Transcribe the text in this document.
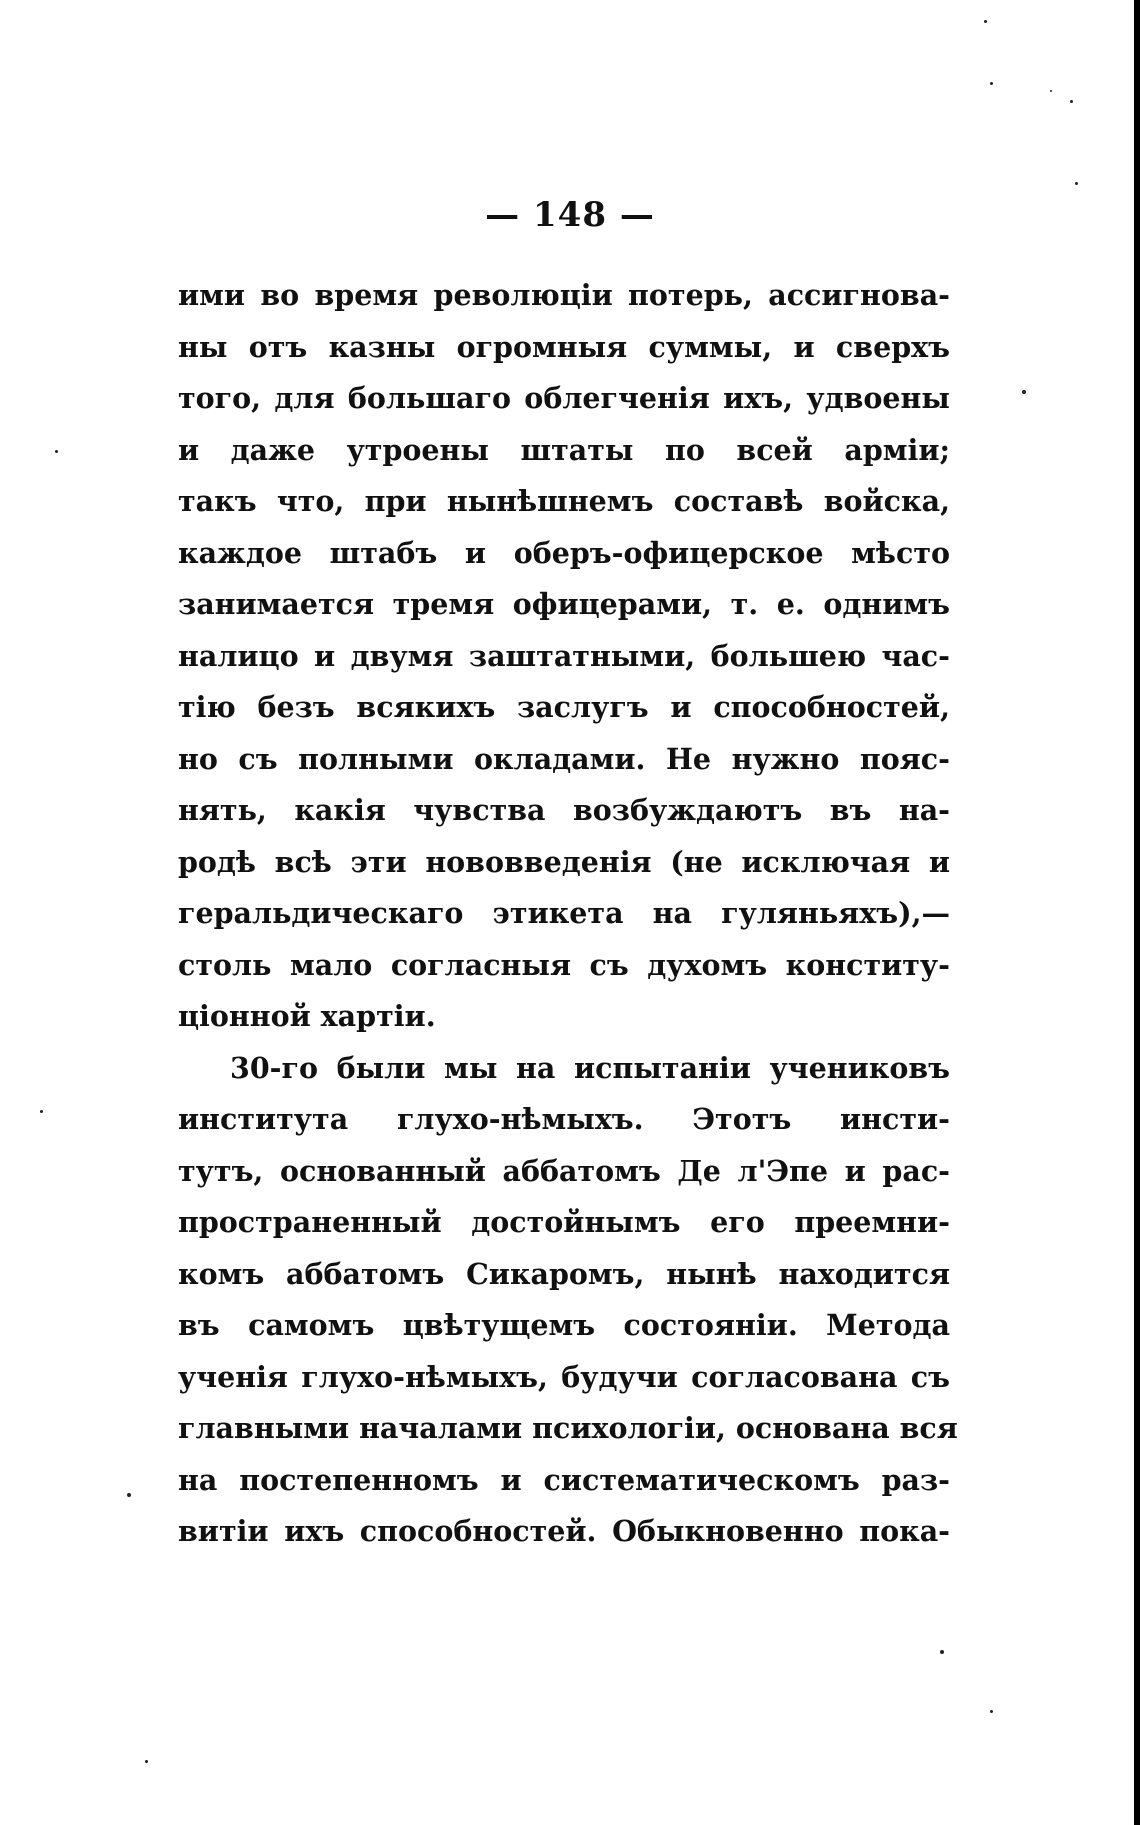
— 148 —
ими во время революціи потерь, ассигнова-
ны отъ казны огромныя суммы, и сверхъ
того, для большаго облегченія ихъ, удвоены
и даже утроены штаты по всей арміи;
такъ что, при нынѣшнемъ составѣ войска,
каждое штабъ и оберъ-офицерское мѣсто
занимается тремя офицерами, т. е. однимъ
налицо и двумя заштатными, большею час-
тію безъ всякихъ заслугъ и способностей,
но съ полными окладами. Не нужно пояс-
нять, какія чувства возбуждаютъ въ на-
родѣ всѣ эти нововведенія (не исключая и
геральдическаго этикета на гуляньяхъ),—
столь мало согласныя съ духомъ конститу-
ціонной хартіи.
30-го были мы на испытаніи учениковъ
института глухо-нѣмыхъ. Этотъ инсти-
тутъ, основанный аббатомъ Де л'Эпе и рас-
пространенный достойнымъ его преемни-
комъ аббатомъ Сикаромъ, нынѣ находится
въ самомъ цвѣтущемъ состояніи. Метода
ученія глухо-нѣмыхъ, будучи согласована съ
главными началами психологіи, основана вся
на постепенномъ и систематическомъ раз-
витіи ихъ способностей. Обыкновенно пока-
